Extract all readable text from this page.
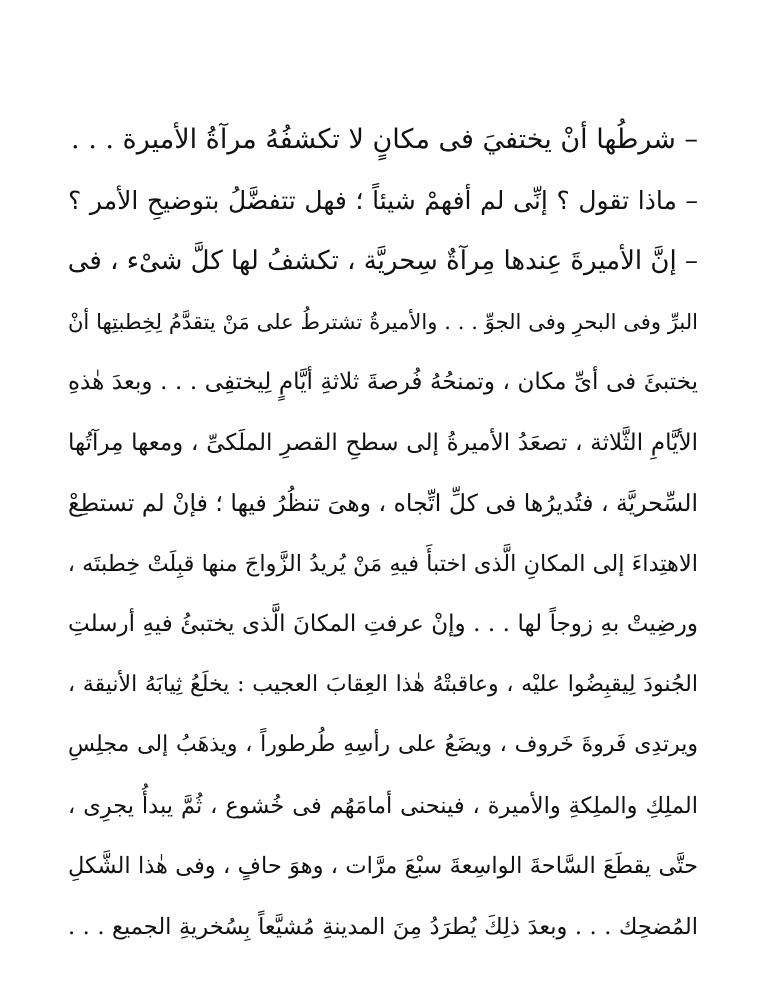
– شرطُها أنْ يختفيَ فى مكانٍ لا تكشفُهُ مرآةُ الأميرة . . .
– ماذا تقول ؟ إنِّى لم أفهمْ شيئاً ؛ فهل تتفضَّلُ بتوضيحِ الأمر ؟
– إنَّ الأميرةَ عِندها مِرآةٌ سِحريَّة ، تكشفُ لها كلَّ شىْء ، فى
البرِّ وفى البحرِ وفى الجوِّ . . . والأميرةُ تشترطُ على مَنْ يتقدَّمُ لِخِطبتِها أنْ
يختبئَ فى أىِّ مكان ، وتمنحُهُ فُرصةَ ثلاثةِ أيَّامٍ لِيختفِى . . . وبعدَ هٰذهِ
الأيَّامِ الثَّلاثة ، تصعَدُ الأميرةُ إلى سطحِ القصرِ الملَكىِّ ، ومعها مِرآتُها
السِّحريَّة ، فتُديرُها فى كلِّ اتِّجاه ، وهىَ تنظُرُ فيها ؛ فإنْ لم تستطِعْ
الاهتِداءَ إلى المكانِ الَّذى اختبأَ فيهِ مَنْ يُريدُ الزَّواجَ منها قبِلَتْ خِطبتَه ،
ورضِيتْ بهِ زوجاً لها . . . وإنْ عرفتِ المكانَ الَّذى يختبئُ فيهِ أرسلتِ
الجُنودَ لِيقبِضُوا عليْه ، وعاقبتْهُ هٰذا العِقابَ العجيب : يخلَعُ ثِيابَهُ الأنيقة ،
ويرتدِى فَروةَ خَروف ، ويضَعُ على رأسِهِ طُرطوراً ، ويذهَبُ إلى مجلِسِ
الملِكِ والملِكةِ والأميرة ، فينحنى أمامَهُم فى خُشوع ، ثُمَّ يبدأُ يجرِى ،
حتَّى يقطَعَ السَّاحةَ الواسِعةَ سبْعَ مرَّات ، وهوَ حافٍ ، وفى هٰذا الشَّكلِ
المُضحِك . . . وبعدَ ذلِكَ يُطرَدُ مِنَ المدينةِ مُشيَّعاً بِسُخريةِ الجميع . . .
